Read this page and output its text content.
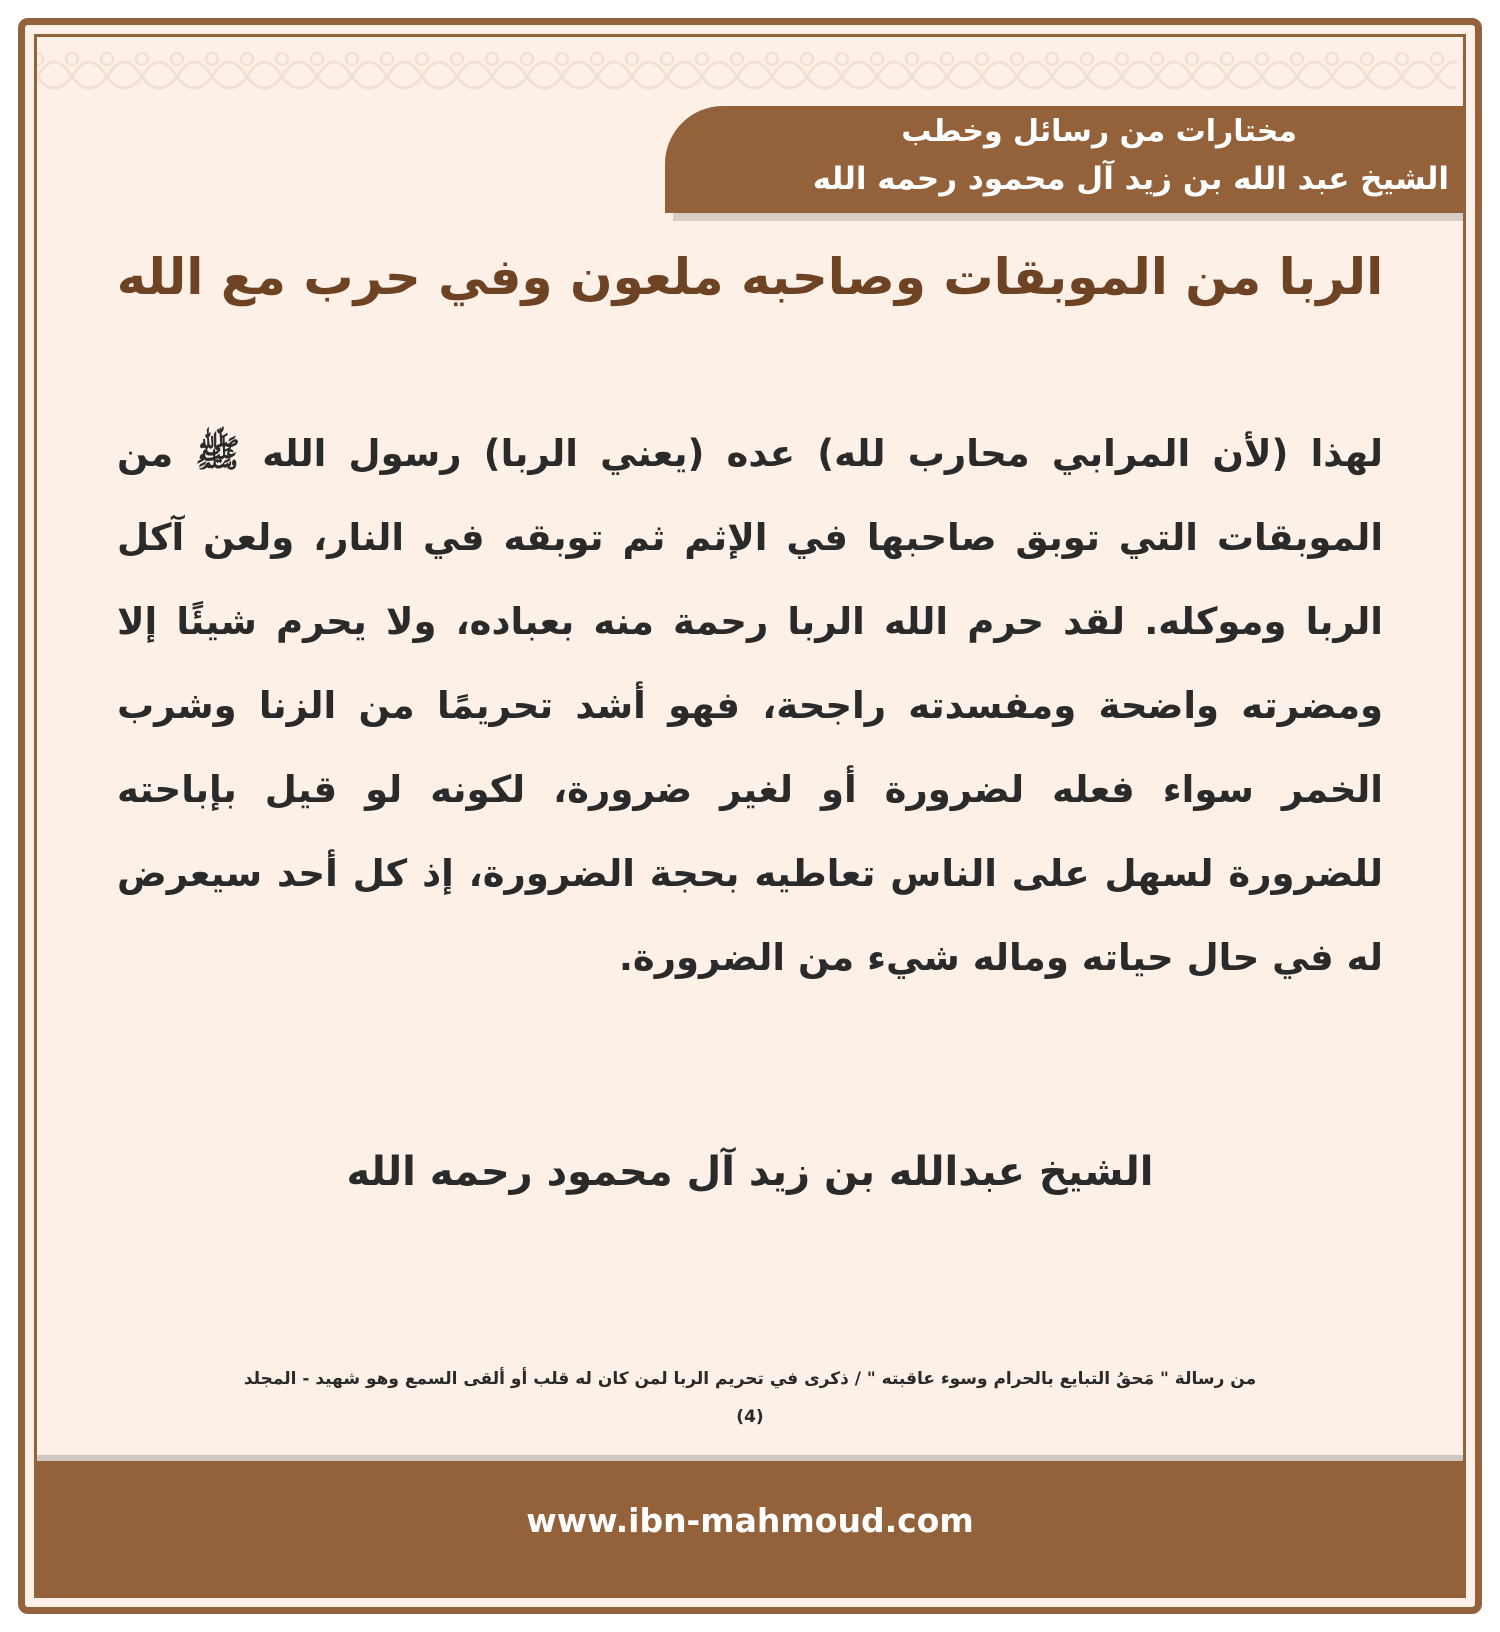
مختارات من رسائل وخطب
الشيخ عبد الله بن زيد آل محمود رحمه الله
الربا من الموبقات وصاحبه ملعون وفي حرب مع الله

لهذا (لأن المرابي محارب لله) عده (يعني الربا) رسول الله ﷺ من الموبقات التي توبق صاحبها في الإثم ثم توبقه في النار، ولعن آكل الربا وموكله. لقد حرم الله الربا رحمة منه بعباده، ولا يحرم شيئًا إلا ومضرته واضحة ومفسدته راجحة، فهو أشد تحريمًا من الزنا وشرب الخمر سواء فعله لضرورة أو لغير ضرورة، لكونه لو قيل بإباحته للضرورة لسهل على الناس تعاطيه بحجة الضرورة، إذ كل أحد سيعرض له في حال حياته وماله شيء من الضرورة.

الشيخ عبدالله بن زيد آل محمود رحمه الله
من رسالة " مَحقُ التبايع بالحرام وسوء عاقبته " / ذكرى في تحريم الربا لمن كان له قلب أو ألقى السمع وهو شهيد - المجلد
(4)
www.ibn-mahmoud.com
